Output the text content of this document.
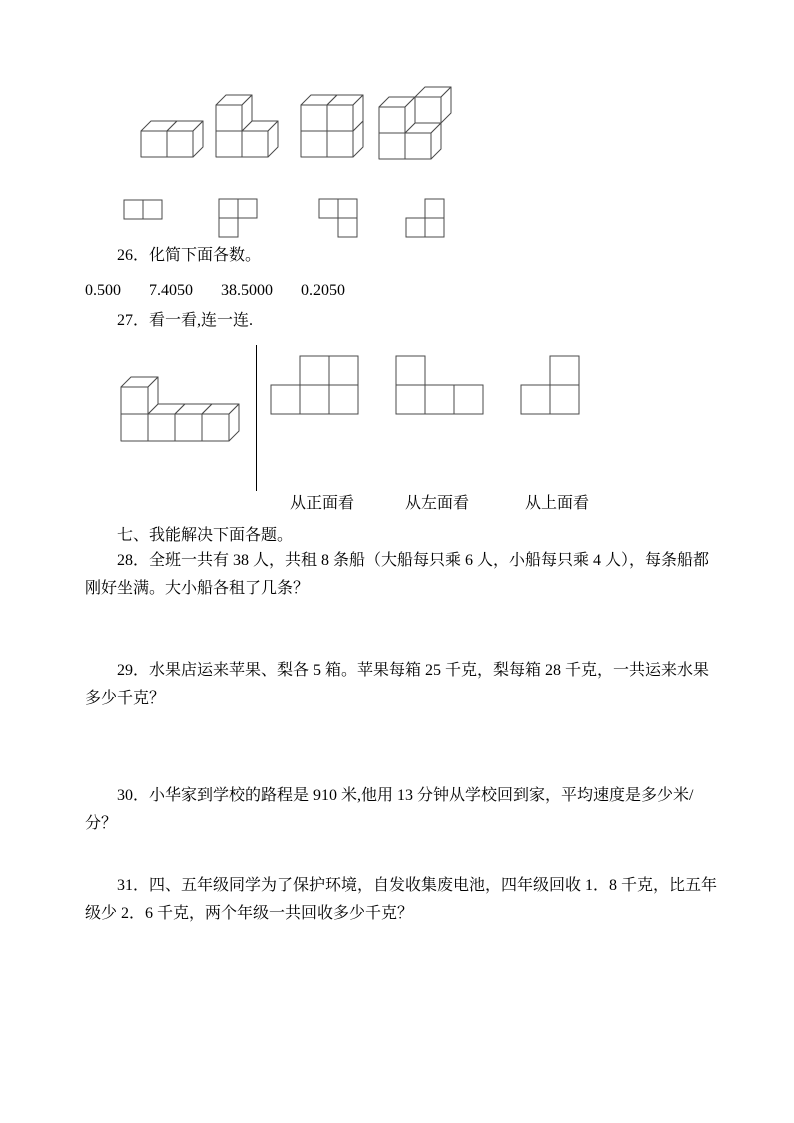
26．化简下面各数。
0.500 7.4050 38.5000 0.2050
27．看一看,连一连.
从正面看	从左面看	从上面看
七、我能解决下面各题。
28．全班一共有 38 人，共租 8 条船（大船每只乘 6 人，小船每只乘 4 人），每条船都刚好坐满。大小船各租了几条？
29．水果店运来苹果、梨各 5 箱。苹果每箱 25 千克，梨每箱 28 千克，一共运来水果多少千克？
30．小华家到学校的路程是 910 米,他用 13 分钟从学校回到家，平均速度是多少米/分？
31．四、五年级同学为了保护环境，自发收集废电池，四年级回收 1．8 千克，比五年级少 2．6 千克，两个年级一共回收多少千克？
